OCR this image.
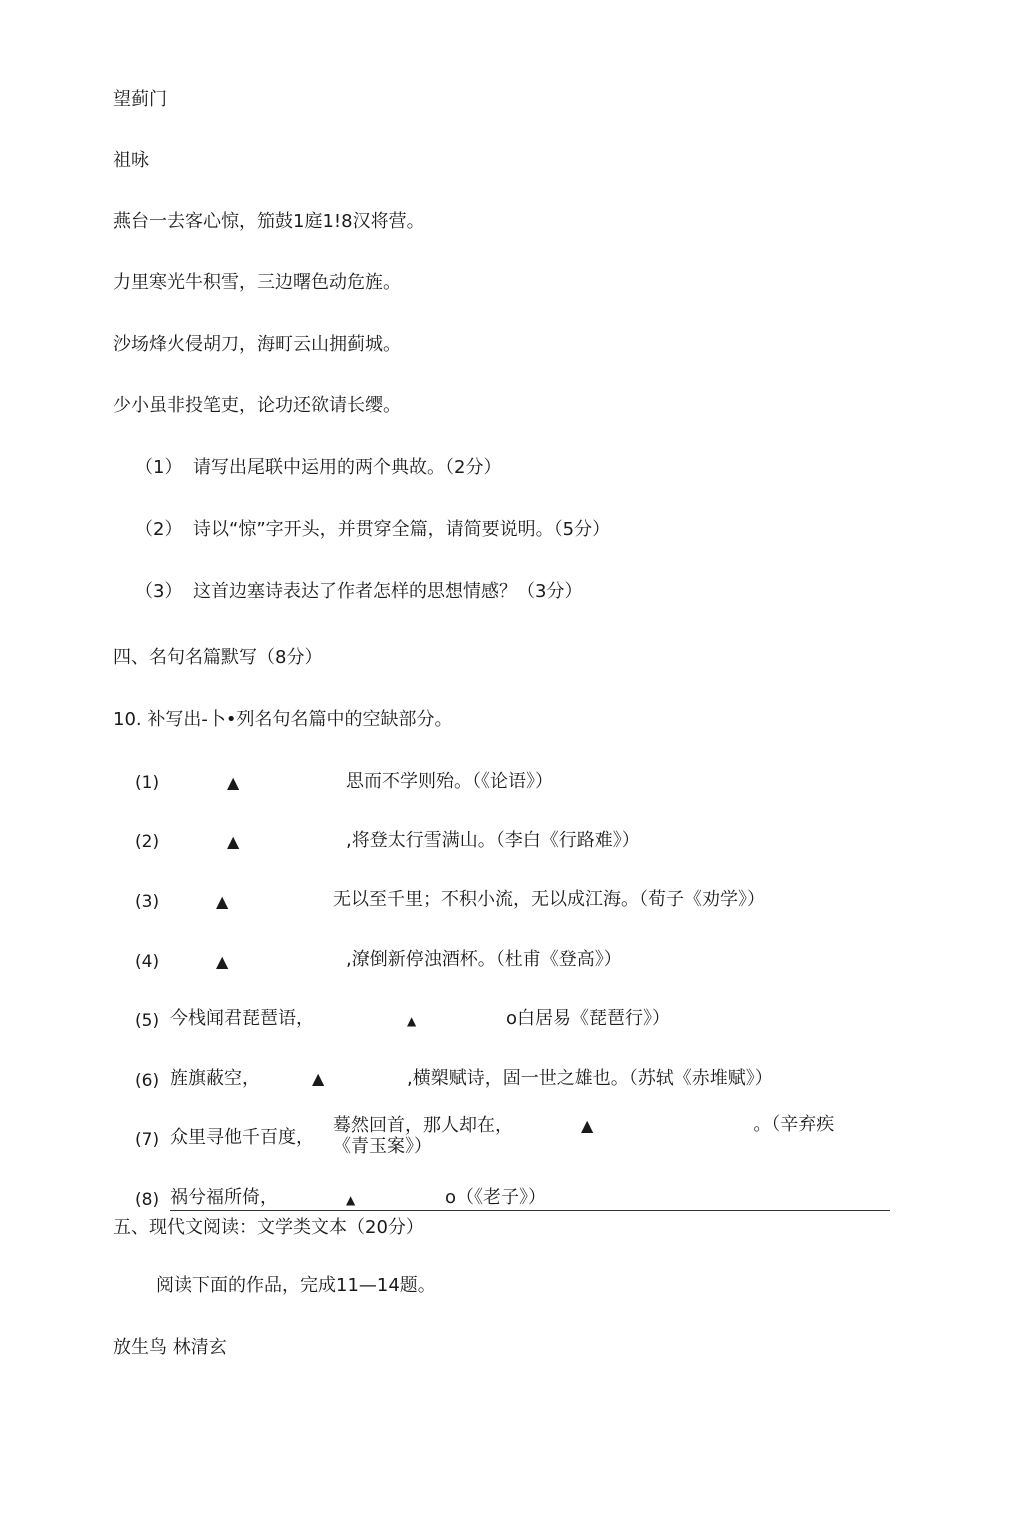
望蓟门
祖咏
燕台一去客心惊，笳鼓1庭1!8汉将营。
力里寒光牛积雪，三边曙色动危旌。
沙场烽火侵胡刀，海町云山拥蓟城。
少小虽非投笔吏，论功还欲请长缨。
（1） 请写出尾联中运用的两个典故。（2分）
（2） 诗以“惊”字开头，并贯穿全篇，请简要说明。（5分）
（3） 这首边塞诗表达了作者怎样的思想情感？（3分）
四、名句名篇默写（8分）
10. 补写出-卜•列名句名篇中的空缺部分。
(1)	▲	思而不学则殆。（《论语》）
(2)	▲	,将登太行雪满山。（李白《行路难》）
(3)	▲	无以至千里；不积小流，无以成江海。（荀子《劝学》）
(4)	▲	,潦倒新停浊酒杯。（杜甫《登高》）
(5) 今栈闻君琵琶语，	▲	o白居易《琵琶行》）
(6) 旌旗蔽空，	▲	,横槊赋诗，固一世之雄也。（苏轼《赤堆赋》）
(7) 众里寻他千百度，
蓦然回首，那人却在，	▲	。（辛弃疾《青玉案》）
(8) 祸兮福所倚，	▲	o（《老子》）
五、现代文阅读：文学类文本（20分）
阅读下面的作品，完成11—14题。
放生鸟 林清玄
